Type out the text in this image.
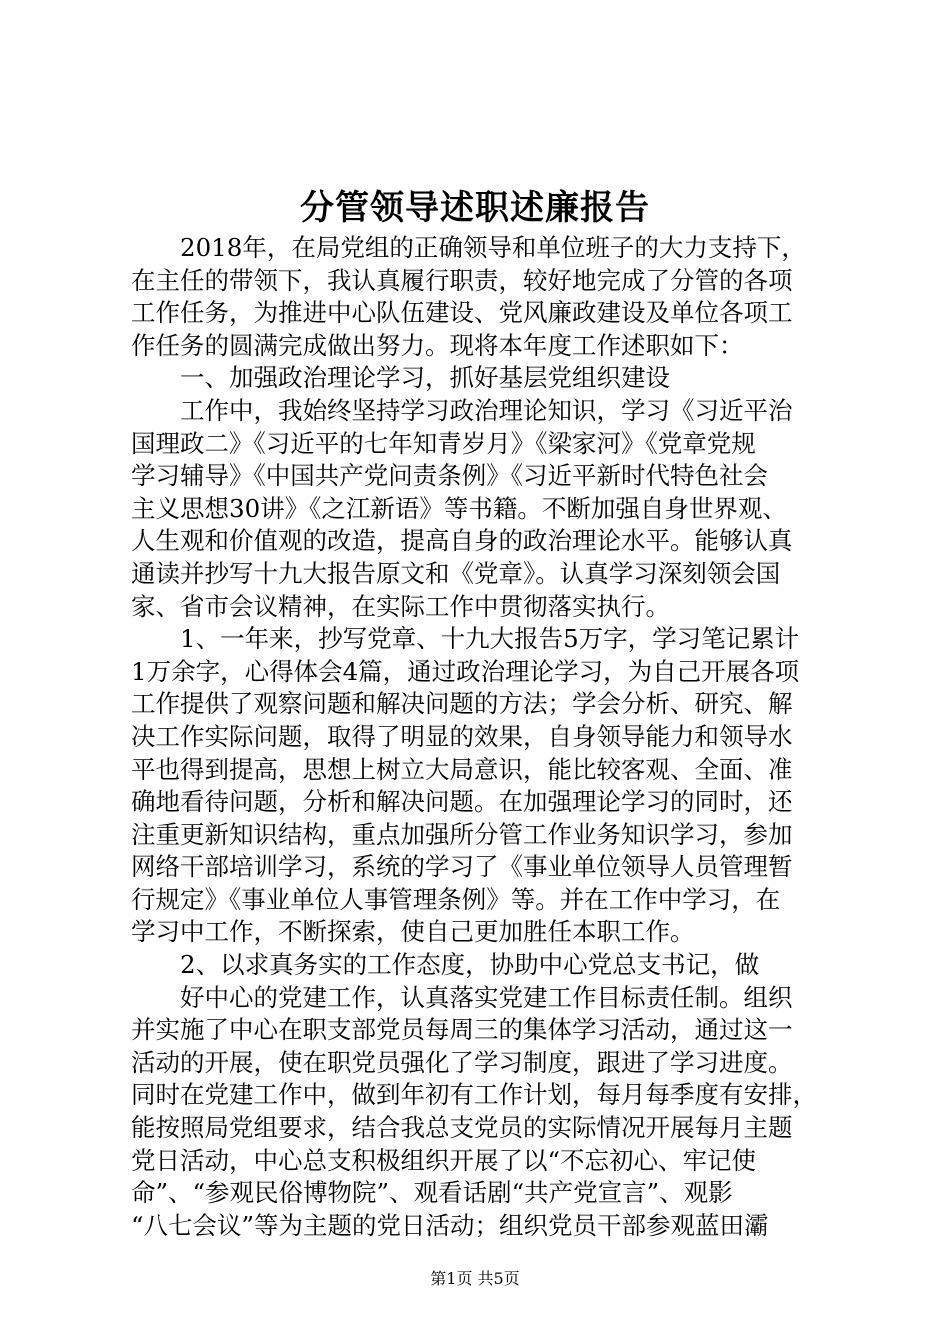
分管领导述职述廉报告
　　2018年，在局党组的正确领导和单位班子的大力支持下，
在主任的带领下，我认真履行职责，较好地完成了分管的各项
工作任务，为推进中心队伍建设、党风廉政建设及单位各项工
作任务的圆满完成做出努力。现将本年度工作述职如下：
　　一、加强政治理论学习，抓好基层党组织建设
　　工作中，我始终坚持学习政治理论知识，学习《习近平治
国理政二》《习近平的七年知青岁月》《梁家河》《党章党规
学习辅导》《中国共产党问责条例》《习近平新时代特色社会
主义思想30讲》《之江新语》等书籍。不断加强自身世界观、
人生观和价值观的改造，提高自身的政治理论水平。能够认真
通读并抄写十九大报告原文和《党章》。认真学习深刻领会国
家、省市会议精神，在实际工作中贯彻落实执行。
　　1、一年来，抄写党章、十九大报告5万字，学习笔记累计
1万余字，心得体会4篇，通过政治理论学习，为自己开展各项
工作提供了观察问题和解决问题的方法；学会分析、研究、解
决工作实际问题，取得了明显的效果，自身领导能力和领导水
平也得到提高，思想上树立大局意识，能比较客观、全面、准
确地看待问题，分析和解决问题。在加强理论学习的同时，还
注重更新知识结构，重点加强所分管工作业务知识学习，参加
网络干部培训学习，系统的学习了《事业单位领导人员管理暂
行规定》《事业单位人事管理条例》等。并在工作中学习，在
学习中工作，不断探索，使自己更加胜任本职工作。
　　2、以求真务实的工作态度，协助中心党总支书记，做
　　好中心的党建工作，认真落实党建工作目标责任制。组织
并实施了中心在职支部党员每周三的集体学习活动，通过这一
活动的开展，使在职党员强化了学习制度，跟进了学习进度。
同时在党建工作中，做到年初有工作计划，每月每季度有安排，
能按照局党组要求，结合我总支党员的实际情况开展每月主题
党日活动，中心总支积极组织开展了以“不忘初心、牢记使
命”、“参观民俗博物院”、观看话剧“共产党宣言”、观影
“八七会议”等为主题的党日活动；组织党员干部参观蓝田灞
第1页 共5页
